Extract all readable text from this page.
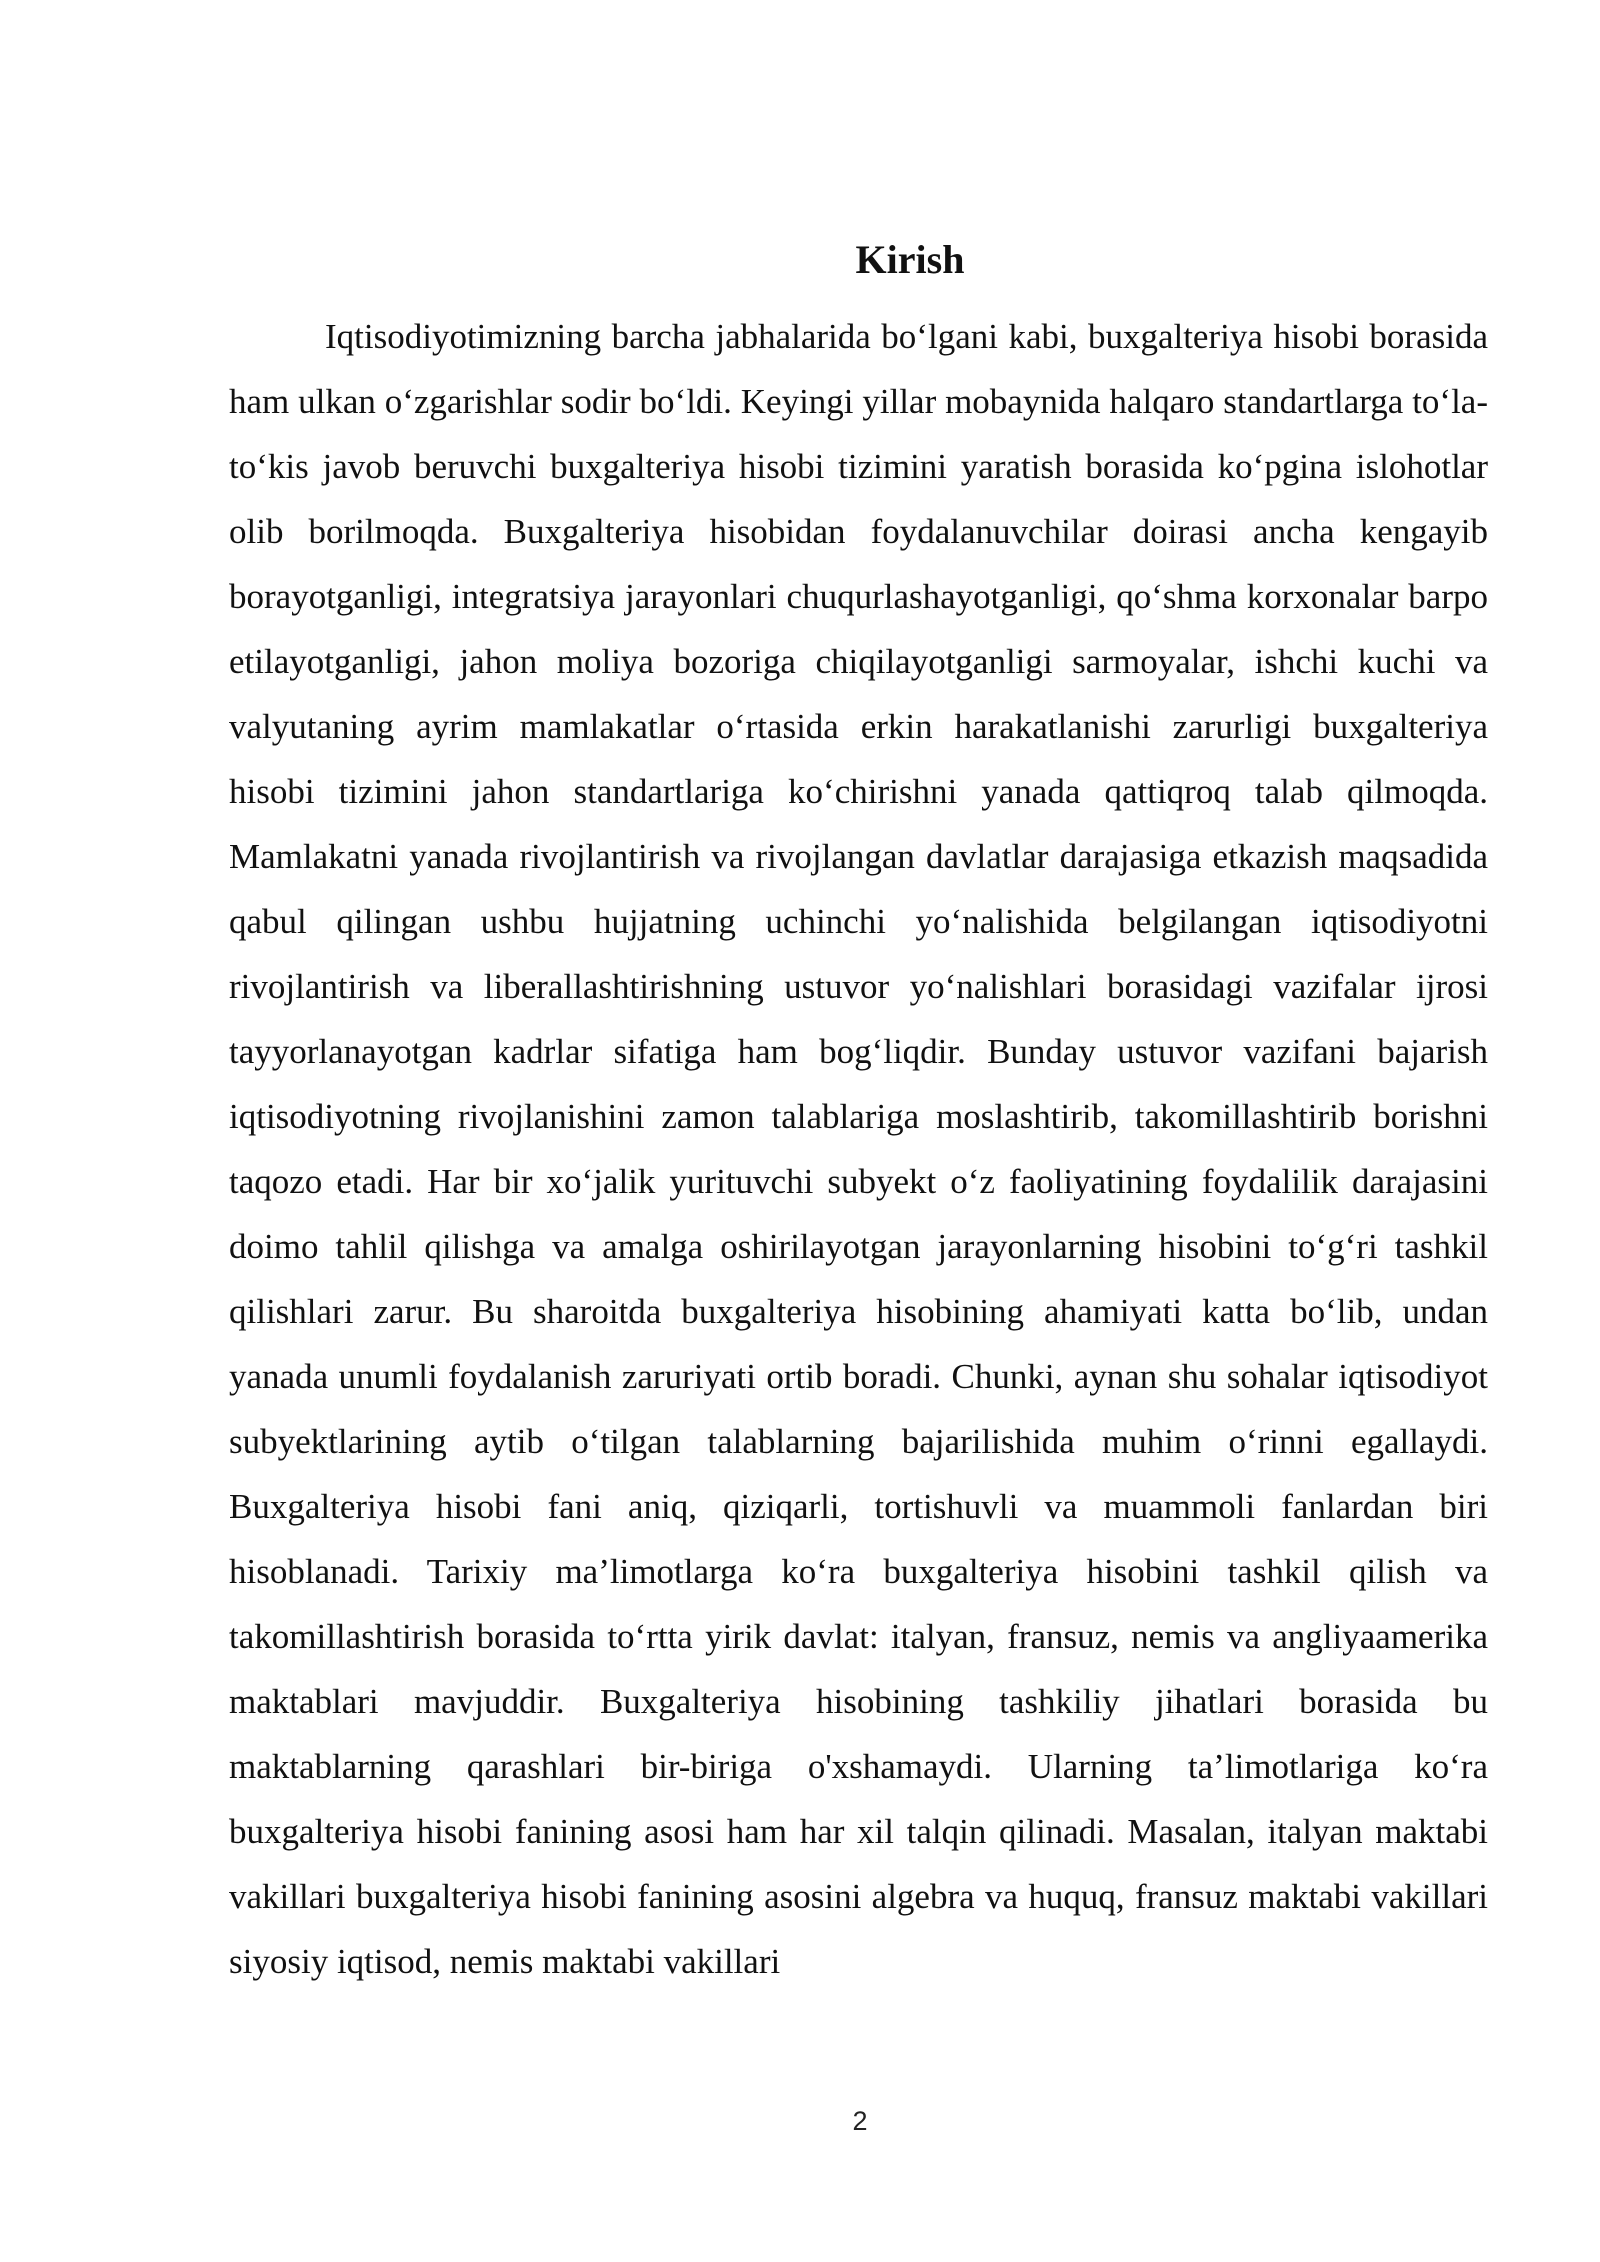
Kirish

Iqtisodiyotimizning barcha jabhalarida bo‘lgani kabi, buxgalteriya hisobi borasida ham ulkan o‘zgarishlar sodir bo‘ldi. Keyingi yillar mobaynida halqaro standartlarga to‘la-to‘kis javob beruvchi buxgalteriya hisobi tizimini yaratish borasida ko‘pgina islohotlar olib borilmoqda. Buxgalteriya hisobidan foydalanuvchilar doirasi ancha kengayib borayotganligi, integratsiya jarayonlari chuqurlashayotganligi, qo‘shma korxonalar barpo etilayotganligi, jahon moliya bozoriga chiqilayotganligi sarmoyalar, ishchi kuchi va valyutaning ayrim mamlakatlar o‘rtasida erkin harakatlanishi zarurligi buxgalteriya hisobi tizimini jahon standartlariga ko‘chirishni yanada qattiqroq talab qilmoqda. Mamlakatni yanada rivojlantirish va rivojlangan davlatlar darajasiga etkazish maqsadida qabul qilingan ushbu hujjatning uchinchi yo‘nalishida belgilangan iqtisodiyotni rivojlantirish va liberallashtirishning ustuvor yo‘nalishlari borasidagi vazifalar ijrosi tayyorlanayotgan kadrlar sifatiga ham bog‘liqdir. Bunday ustuvor vazifani bajarish iqtisodiyotning rivojlanishini zamon talablariga moslashtirib, takomillashtirib borishni taqozo etadi. Har bir xo‘jalik yurituvchi subyekt o‘z faoliyatining foydalilik darajasini doimo tahlil qilishga va amalga oshirilayotgan jarayonlarning hisobini to‘g‘ri tashkil qilishlari zarur. Bu sharoitda buxgalteriya hisobining ahamiyati katta bo‘lib, undan yanada unumli foydalanish zaruriyati ortib boradi. Chunki, aynan shu sohalar iqtisodiyot subyektlarining aytib o‘tilgan talablarning bajarilishida muhim o‘rinni egallaydi. Buxgalteriya hisobi fani aniq, qiziqarli, tortishuvli va muammoli fanlardan biri hisoblanadi. Tarixiy ma’limotlarga ko‘ra buxgalteriya hisobini tashkil qilish va takomillashtirish borasida to‘rtta yirik davlat: italyan, fransuz, nemis va angliyaamerika maktablari mavjuddir. Buxgalteriya hisobining tashkiliy jihatlari borasida bu maktablarning qarashlari bir-biriga o'xshamaydi. Ularning ta’limotlariga ko‘ra buxgalteriya hisobi fanining asosi ham har xil talqin qilinadi. Masalan, italyan maktabi vakillari buxgalteriya hisobi fanining asosini algebra va huquq, fransuz maktabi vakillari siyosiy iqtisod, nemis maktabi vakillari

2
